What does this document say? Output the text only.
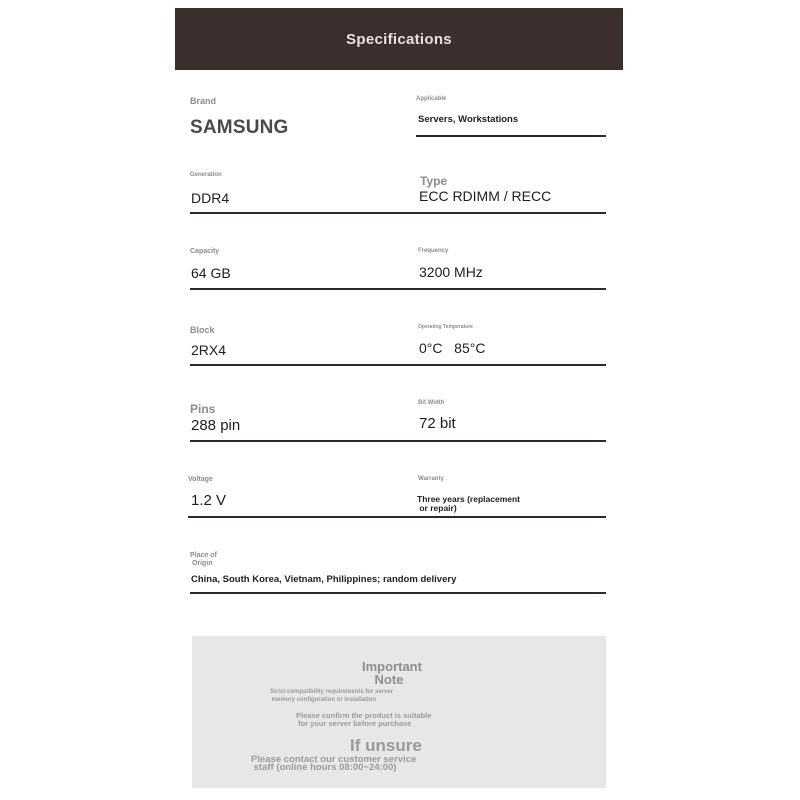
Specifications
Brand
SAMSUNG
Applicable
Servers, Workstations
Generation
DDR4
Type
ECC RDIMM / RECC
Capacity
64 GB
Frequency
3200 MHz
Block
2RX4
Operating Temperature
0°C   85°C
Pins
288 pin
Bit Width
72 bit
Voltage
1.2 V
Warranty
Three years (replacement
or repair)
Place of
Origin
China, South Korea, Vietnam, Philippines; random delivery
Important
Note
Strict compatibility requirements for server
memory configuration or installation
Please confirm the product is suitable
for your server before purchase
If unsure
Please contact our customer service
staff (online hours 08:00~24:00)
